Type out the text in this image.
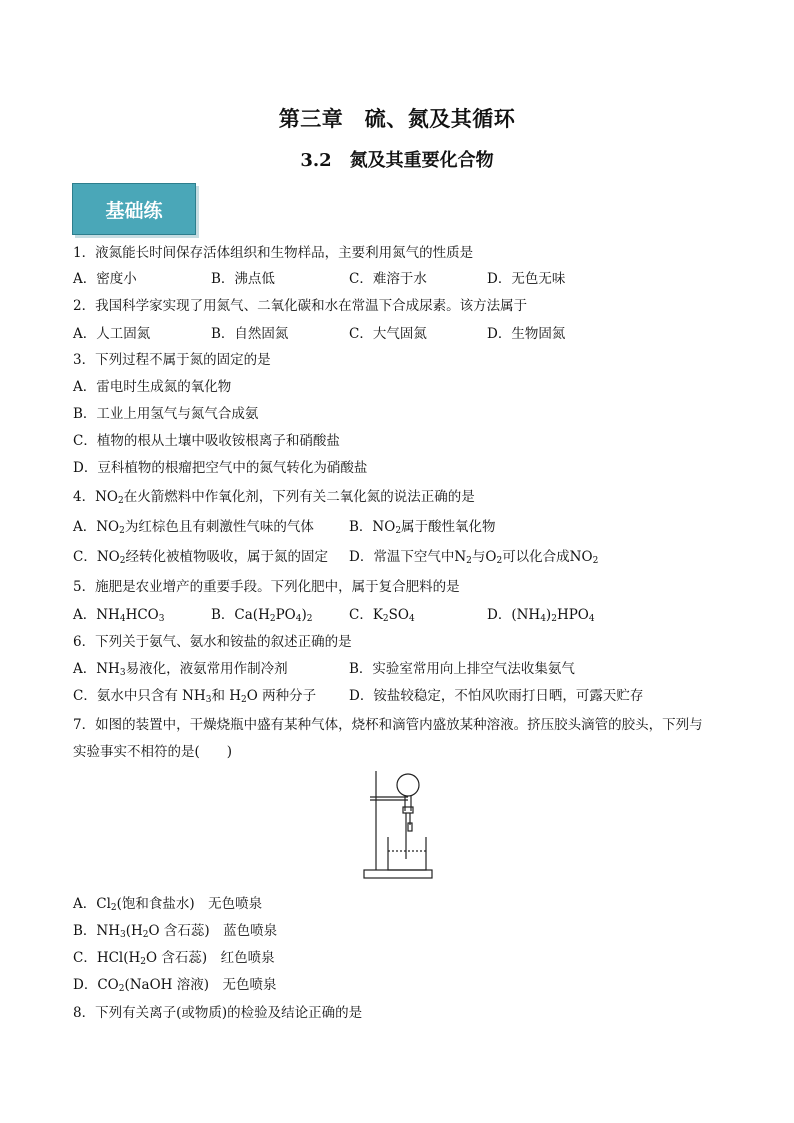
第三章　硫、氮及其循环
3.2　氮及其重要化合物
基础练
1．液氮能长时间保存活体组织和生物样品，主要利用氮气的性质是
A．密度小	B．沸点低	C．难溶于水	D．无色无味
2．我国科学家实现了用氮气、二氧化碳和水在常温下合成尿素。该方法属于
A．人工固氮	B．自然固氮	C．大气固氮	D．生物固氮
3．下列过程不属于氮的固定的是
A．雷电时生成氮的氧化物
B．工业上用氢气与氮气合成氨
C．植物的根从土壤中吸收铵根离子和硝酸盐
D．豆科植物的根瘤把空气中的氮气转化为硝酸盐
4．$NO_2$在火箭燃料中作氧化剂，下列有关二氧化氮的说法正确的是
A．$NO_2$为红棕色且有刺激性气味的气体	B．$NO_2$属于酸性氧化物
C．$NO_2$经转化被植物吸收，属于氮的固定 D．常温下空气中$N_2$与$O_2$可以化合成$NO_2$
5．施肥是农业增产的重要手段。下列化肥中，属于复合肥料的是
A．$NH_4HCO_3$	B．$Ca(H_2PO_4)_2$	C．$K_2SO_4$	D．$(NH_4)_2HPO_4$
6．下列关于氨气、氨水和铵盐的叙述正确的是
A．$NH_3$易液化，液氨常用作制冷剂	B．实验室常用向上排空气法收集氨气
C．氨水中只含有 $NH_3$和 $H_2O$ 两种分子 D．铵盐较稳定，不怕风吹雨打日晒，可露天贮存
7．如图的装置中，干燥烧瓶中盛有某种气体，烧杯和滴管内盛放某种溶液。挤压胶头滴管的胶头，下列与
实验事实不相符的是(　　)
A．$Cl_2$(饱和食盐水)　无色喷泉
B．$NH_3(H_2O$ 含石蕊)　蓝色喷泉
C．$HCl(H_2O$ 含石蕊)　红色喷泉
D．$CO_2(NaOH$ 溶液)　无色喷泉
8．下列有关离子(或物质)的检验及结论正确的是
